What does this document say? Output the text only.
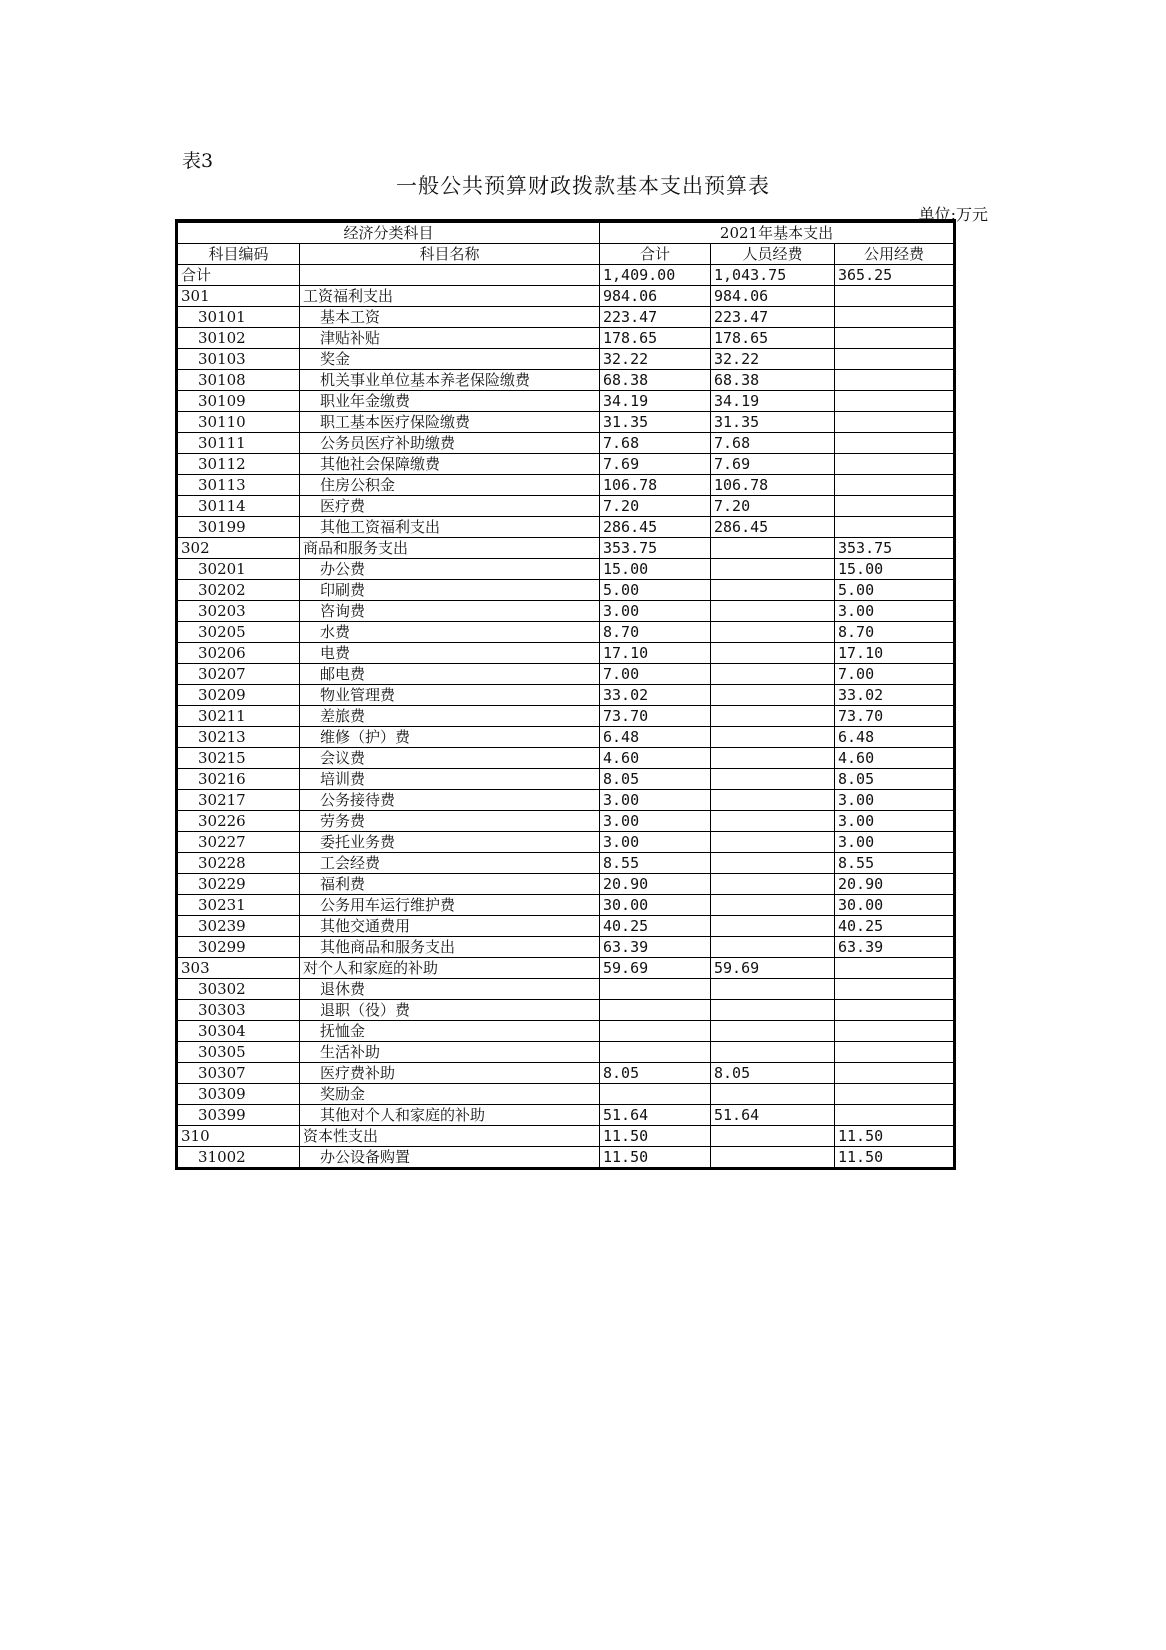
表3
一般公共预算财政拨款基本支出预算表
单位:万元
经济分类科目		2021年基本支出		
科目编码	科目名称	合计	人员经费	公用经费
合计		1,409.00	1,043.75	365.25
301	工资福利支出	984.06	984.06	
30101	基本工资	223.47	223.47	
30102	津贴补贴	178.65	178.65	
30103	奖金	32.22	32.22	
30108	机关事业单位基本养老保险缴费	68.38	68.38	
30109	职业年金缴费	34.19	34.19	
30110	职工基本医疗保险缴费	31.35	31.35	
30111	公务员医疗补助缴费	7.68	7.68	
30112	其他社会保障缴费	7.69	7.69	
30113	住房公积金	106.78	106.78	
30114	医疗费	7.20	7.20	
30199	其他工资福利支出	286.45	286.45	
302	商品和服务支出	353.75		353.75
30201	办公费	15.00		15.00
30202	印刷费	5.00		5.00
30203	咨询费	3.00		3.00
30205	水费	8.70		8.70
30206	电费	17.10		17.10
30207	邮电费	7.00		7.00
30209	物业管理费	33.02		33.02
30211	差旅费	73.70		73.70
30213	维修（护）费	6.48		6.48
30215	会议费	4.60		4.60
30216	培训费	8.05		8.05
30217	公务接待费	3.00		3.00
30226	劳务费	3.00		3.00
30227	委托业务费	3.00		3.00
30228	工会经费	8.55		8.55
30229	福利费	20.90		20.90
30231	公务用车运行维护费	30.00		30.00
30239	其他交通费用	40.25		40.25
30299	其他商品和服务支出	63.39		63.39
303	对个人和家庭的补助	59.69	59.69	
30302	退休费			
30303	退职（役）费			
30304	抚恤金			
30305	生活补助			
30307	医疗费补助	8.05	8.05	
30309	奖励金			
30399	其他对个人和家庭的补助	51.64	51.64	
310	资本性支出	11.50		11.50
31002	办公设备购置	11.50		11.50
